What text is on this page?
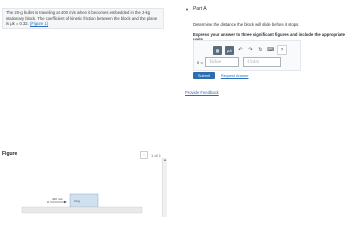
The 20-g bullet is traveling at 400 m/s when it becomes embedded in the 2-kg stationary block. The coefficient of kinetic friction between the block and the plane is μk = 0.32. (Figure 1)
Figure	‹	1 of 1
400 m/s	2 kg
▲
▼ Part A
Determine the distance the block will slide before it stops.
Express your answer to three significant figures and include the appropriate
▦	μA	↶ ↷ ↻ ⌨	?
s =	Value	Units
Submit	Request Answer
Provide Feedback
